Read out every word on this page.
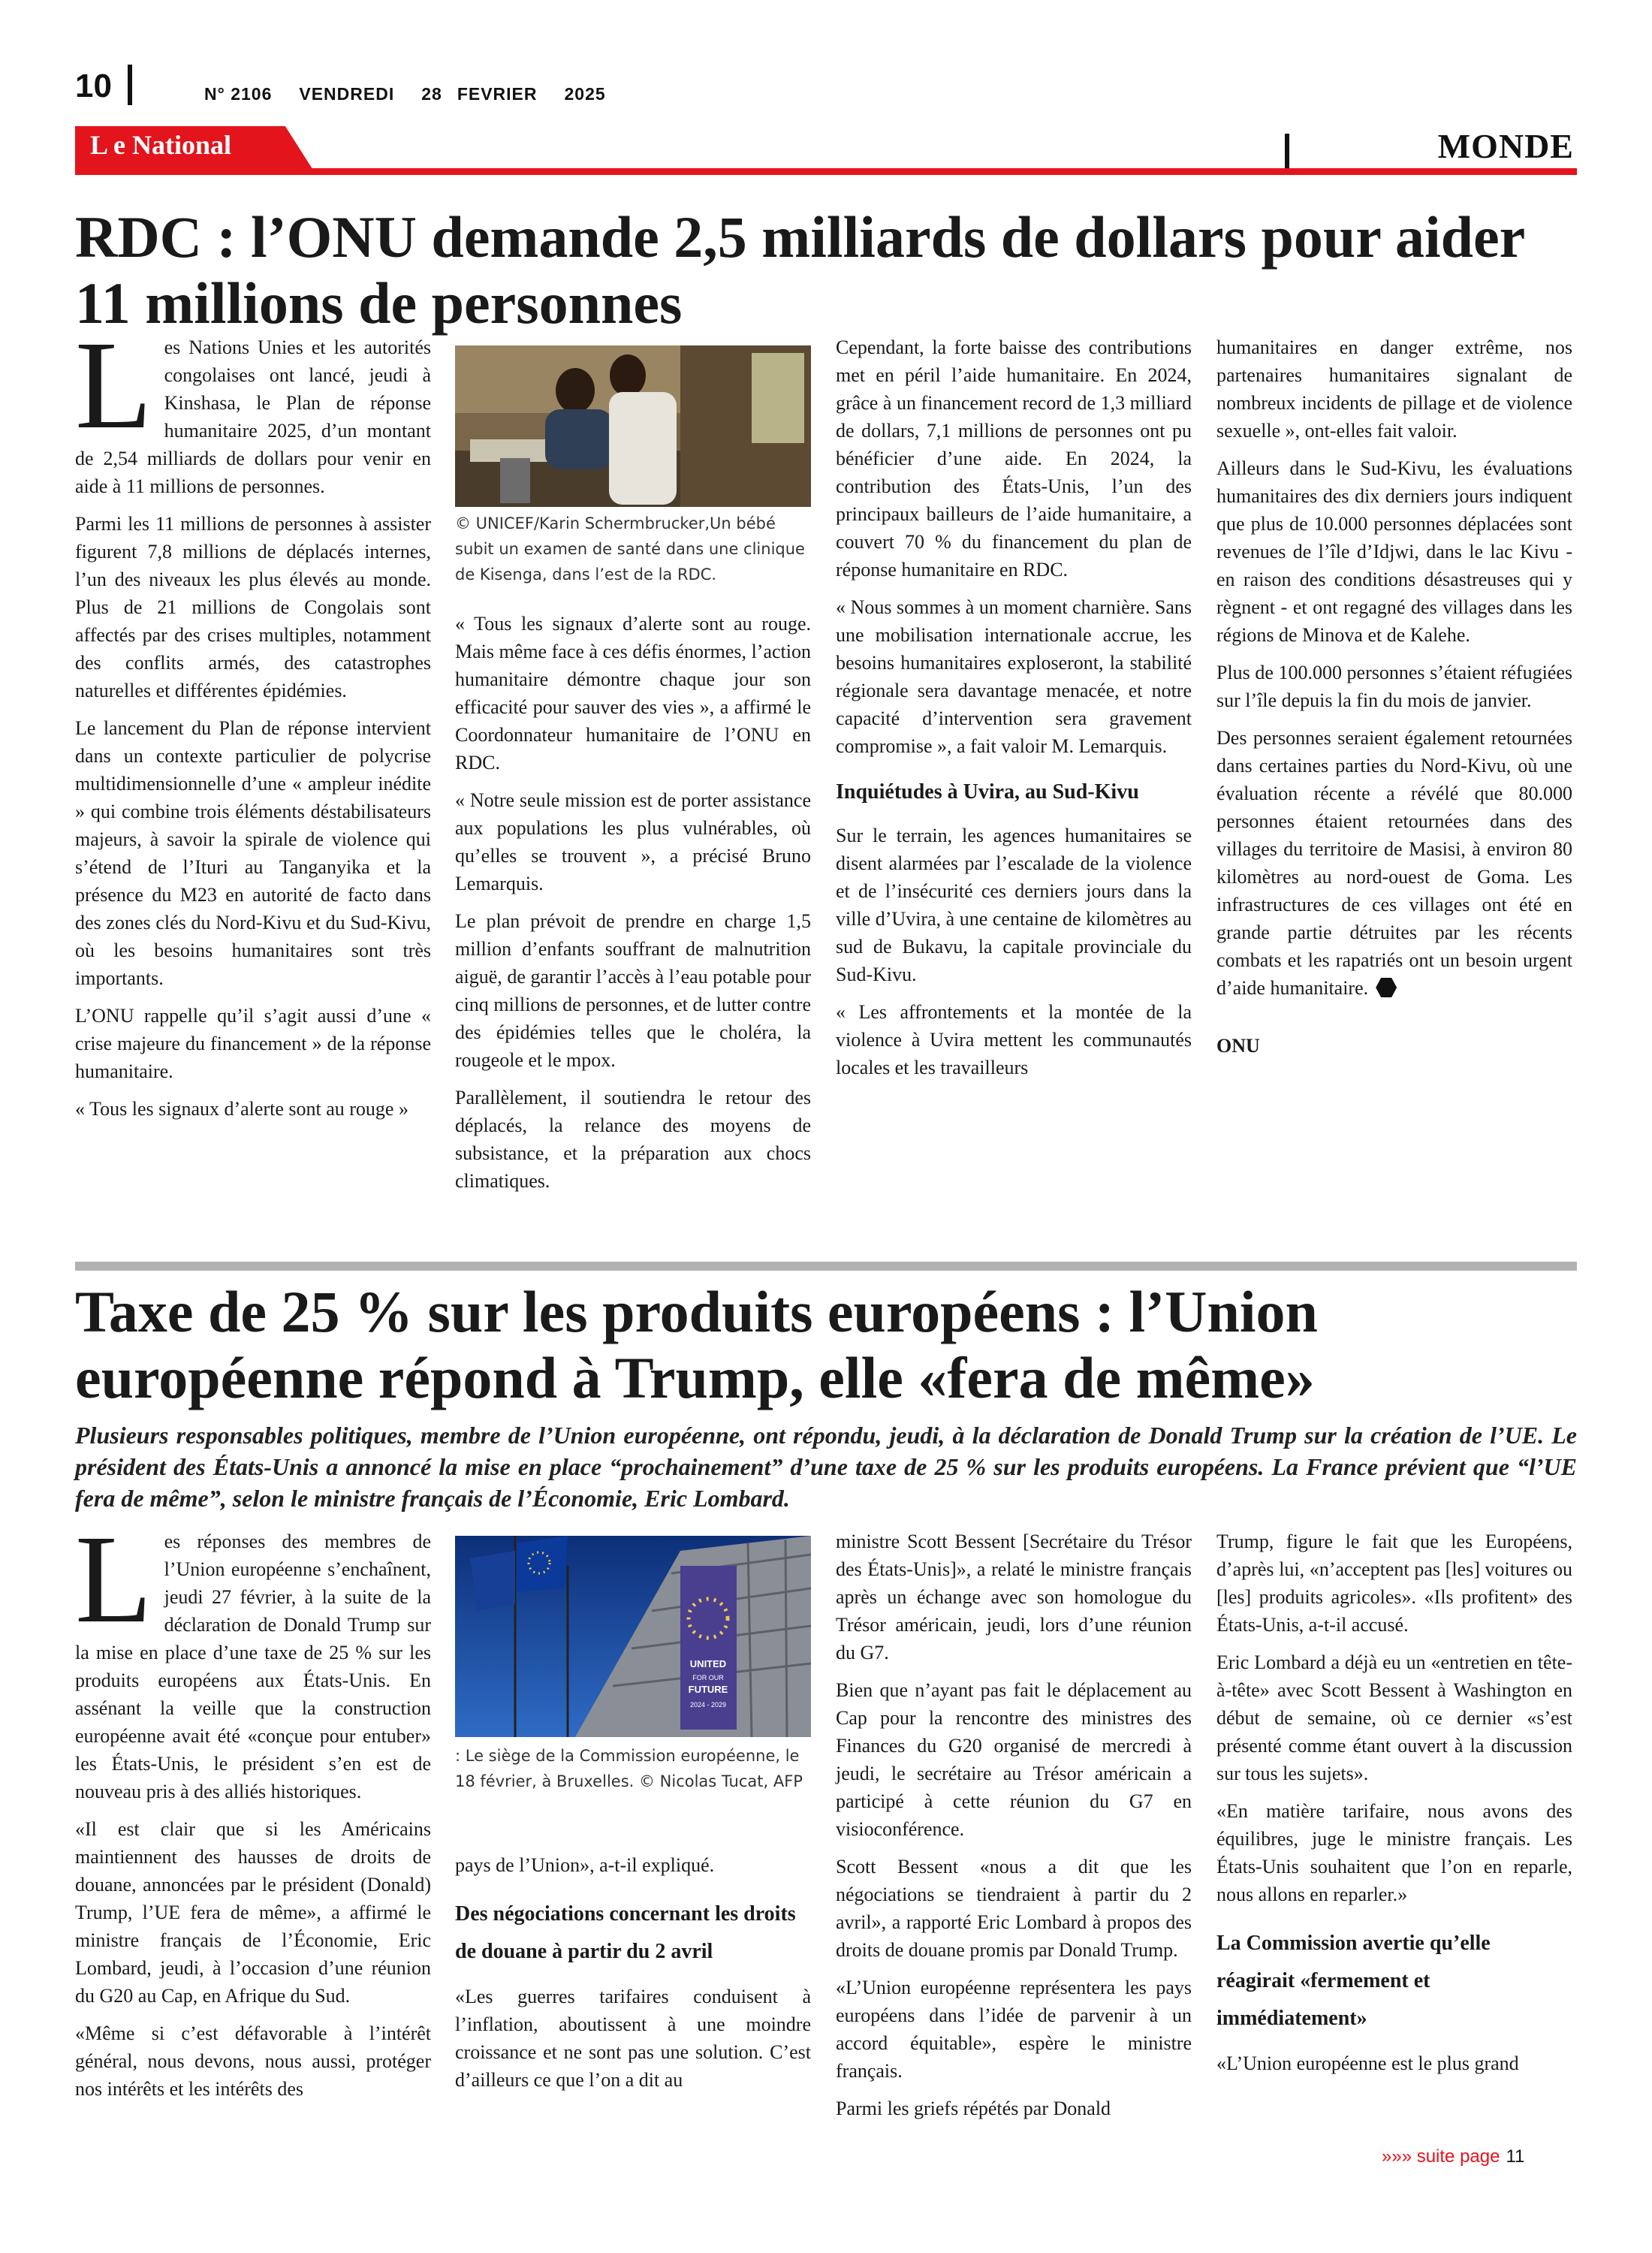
10	N° 2106 VENDREDI 28 FEVRIER 2025
L e National	MONDE
RDC : l’ONU demande 2,5 milliards de dollars pour aider
11 millions de personnes
L es Nations Unies et les autorités congolaises ont lancé, jeudi à Kinshasa, le Plan de réponse humanitaire 2025, d’un montant de 2,54 milliards de dollars pour venir en aide à 11 millions de personnes.

Parmi les 11 millions de personnes à assister figurent 7,8 millions de déplacés internes, l’un des niveaux les plus élevés au monde. Plus de 21 millions de Congolais sont affectés par des crises multiples, notamment des conflits armés, des catastrophes naturelles et différentes épidémies.

Le lancement du Plan de réponse intervient dans un contexte particulier de polycrise multidimensionnelle d’une « ampleur inédite » qui combine trois éléments déstabilisateurs majeurs, à savoir la spirale de violence qui s’étend de l’Ituri au Tanganyika et la présence du M23 en autorité de facto dans des zones clés du Nord-Kivu et du Sud-Kivu, où les besoins humanitaires sont très importants.

L’ONU rappelle qu’il s’agit aussi d’une « crise majeure du financement » de la réponse humanitaire.

« Tous les signaux d’alerte sont au rouge »

© UNICEF/Karin Schermbrucker,Un bébé subit un examen de santé dans une clinique de Kisenga, dans l’est de la RDC.

« Tous les signaux d’alerte sont au rouge. Mais même face à ces défis énormes, l’action humanitaire démontre chaque jour son efficacité pour sauver des vies », a affirmé le Coordonnateur humanitaire de l’ONU en RDC.

« Notre seule mission est de porter assistance aux populations les plus vulnérables, où qu’elles se trouvent », a précisé Bruno Lemarquis.

Le plan prévoit de prendre en charge 1,5 million d’enfants souffrant de malnutrition aiguë, de garantir l’accès à l’eau potable pour cinq millions de personnes, et de lutter contre des épidémies telles que le choléra, la rougeole et le mpox.

Parallèlement, il soutiendra le retour des déplacés, la relance des moyens de subsistance, et la préparation aux chocs climatiques.

Cependant, la forte baisse des contributions met en péril l’aide humanitaire. En 2024, grâce à un financement record de 1,3 milliard de dollars, 7,1 millions de personnes ont pu bénéficier d’une aide. En 2024, la contribution des États-Unis, l’un des principaux bailleurs de l’aide humanitaire, a couvert 70 % du financement du plan de réponse humanitaire en RDC.

« Nous sommes à un moment charnière. Sans une mobilisation internationale accrue, les besoins humanitaires exploseront, la stabilité régionale sera davantage menacée, et notre capacité d’intervention sera gravement compromise », a fait valoir M. Lemarquis.

Inquiétudes à Uvira, au Sud-Kivu

Sur le terrain, les agences humanitaires se disent alarmées par l’escalade de la violence et de l’insécurité ces derniers jours dans la ville d’Uvira, à une centaine de kilomètres au sud de Bukavu, la capitale provinciale du Sud-Kivu.

« Les affrontements et la montée de la violence à Uvira mettent les communautés locales et les travailleurs

humanitaires en danger extrême, nos partenaires humanitaires signalant de nombreux incidents de pillage et de violence sexuelle », ont-elles fait valoir.

Ailleurs dans le Sud-Kivu, les évaluations humanitaires des dix derniers jours indiquent que plus de 10.000 personnes déplacées sont revenues de l’île d’Idjwi, dans le lac Kivu - en raison des conditions désastreuses qui y règnent - et ont regagné des villages dans les régions de Minova et de Kalehe.

Plus de 100.000 personnes s’étaient réfugiées sur l’île depuis la fin du mois de janvier.

Des personnes seraient également retournées dans certaines parties du Nord-Kivu, où une évaluation récente a révélé que 80.000 personnes étaient retournées dans des villages du territoire de Masisi, à environ 80 kilomètres au nord-ouest de Goma. Les infrastructures de ces villages ont été en grande partie détruites par les récents combats et les rapatriés ont un besoin urgent d’aide humanitaire.

ONU
Taxe de 25 % sur les produits européens : l’Union
européenne répond à Trump, elle «fera de même»
Plusieurs responsables politiques, membre de l’Union européenne, ont répondu, jeudi, à la déclaration de Donald Trump sur la création de l’UE. Le président des États-Unis a annoncé la mise en place “prochainement” d’une taxe de 25 % sur les produits européens. La France prévient que “l’UE fera de même”, selon le ministre français de l’Économie, Eric Lombard.
L es réponses des membres de l’Union européenne s’enchaînent, jeudi 27 février, à la suite de la déclaration de Donald Trump sur la mise en place d’une taxe de 25 % sur les produits européens aux États-Unis. En assénant la veille que la construction européenne avait été «conçue pour entuber» les États-Unis, le président s’en est de nouveau pris à des alliés historiques.

«Il est clair que si les Américains maintiennent des hausses de droits de douane, annoncées par le président (Donald) Trump, l’UE fera de même», a affirmé le ministre français de l’Économie, Eric Lombard, jeudi, à l’occasion d’une réunion du G20 au Cap, en Afrique du Sud.

«Même si c’est défavorable à l’intérêt général, nous devons, nous aussi, protéger nos intérêts et les intérêts des

UNITED
FOR OUR
FUTURE
2024 - 2029
: Le siège de la Commission européenne, le 18 février, à Bruxelles. © Nicolas Tucat, AFP

pays de l’Union», a-t-il expliqué.

Des négociations concernant les droits de douane à partir du 2 avril

«Les guerres tarifaires conduisent à l’inflation, aboutissent à une moindre croissance et ne sont pas une solution. C’est d’ailleurs ce que l’on a dit au

ministre Scott Bessent [Secrétaire du Trésor des États-Unis]», a relaté le ministre français après un échange avec son homologue du Trésor américain, jeudi, lors d’une réunion du G7.

Bien que n’ayant pas fait le déplacement au Cap pour la rencontre des ministres des Finances du G20 organisé de mercredi à jeudi, le secrétaire au Trésor américain a participé à cette réunion du G7 en visioconférence.

Scott Bessent «nous a dit que les négociations se tiendraient à partir du 2 avril», a rapporté Eric Lombard à propos des droits de douane promis par Donald Trump.

«L’Union européenne représentera les pays européens dans l’idée de parvenir à un accord équitable», espère le ministre français.

Parmi les griefs répétés par Donald

Trump, figure le fait que les Européens, d’après lui, «n’acceptent pas [les] voitures ou [les] produits agricoles». «Ils profitent» des États-Unis, a-t-il accusé.

Eric Lombard a déjà eu un «entretien en tête-à-tête» avec Scott Bessent à Washington en début de semaine, où ce dernier «s’est présenté comme étant ouvert à la discussion sur tous les sujets».

«En matière tarifaire, nous avons des équilibres, juge le ministre français. Les États-Unis souhaitent que l’on en reparle, nous allons en reparler.»

La Commission avertie qu’elle réagirait «fermement et immédiatement»

«L’Union européenne est le plus grand

»»» suite page 11
